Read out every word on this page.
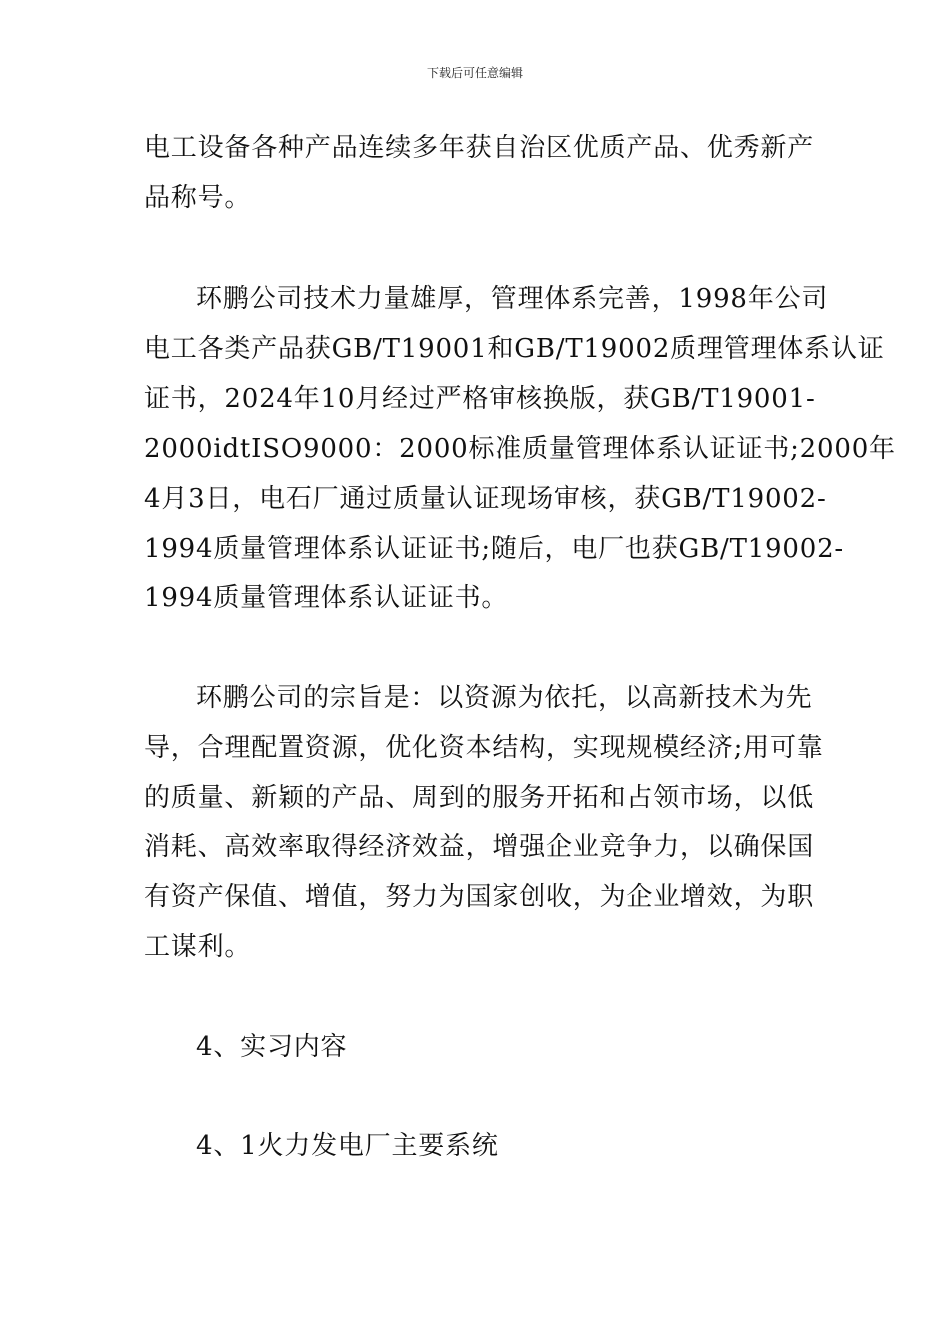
下载后可任意编辑
电工设备各种产品连续多年获自治区优质产品、优秀新产
品称号。
环鹏公司技术力量雄厚，管理体系完善，1998年公司
电工各类产品获GB/T19001和GB/T19002质理管理体系认证
证书，2024年10月经过严格审核换版，获GB/T19001-
2000idtISO9000：2000标准质量管理体系认证证书;2000年
4月3日，电石厂通过质量认证现场审核，获GB/T19002-
1994质量管理体系认证证书;随后，电厂也获GB/T19002-
1994质量管理体系认证证书。
环鹏公司的宗旨是：以资源为依托，以高新技术为先
导，合理配置资源，优化资本结构，实现规模经济;用可靠
的质量、新颖的产品、周到的服务开拓和占领市场，以低
消耗、高效率取得经济效益，增强企业竞争力，以确保国
有资产保值、增值，努力为国家创收，为企业增效，为职
工谋利。
4、实习内容
4、1火力发电厂主要系统
